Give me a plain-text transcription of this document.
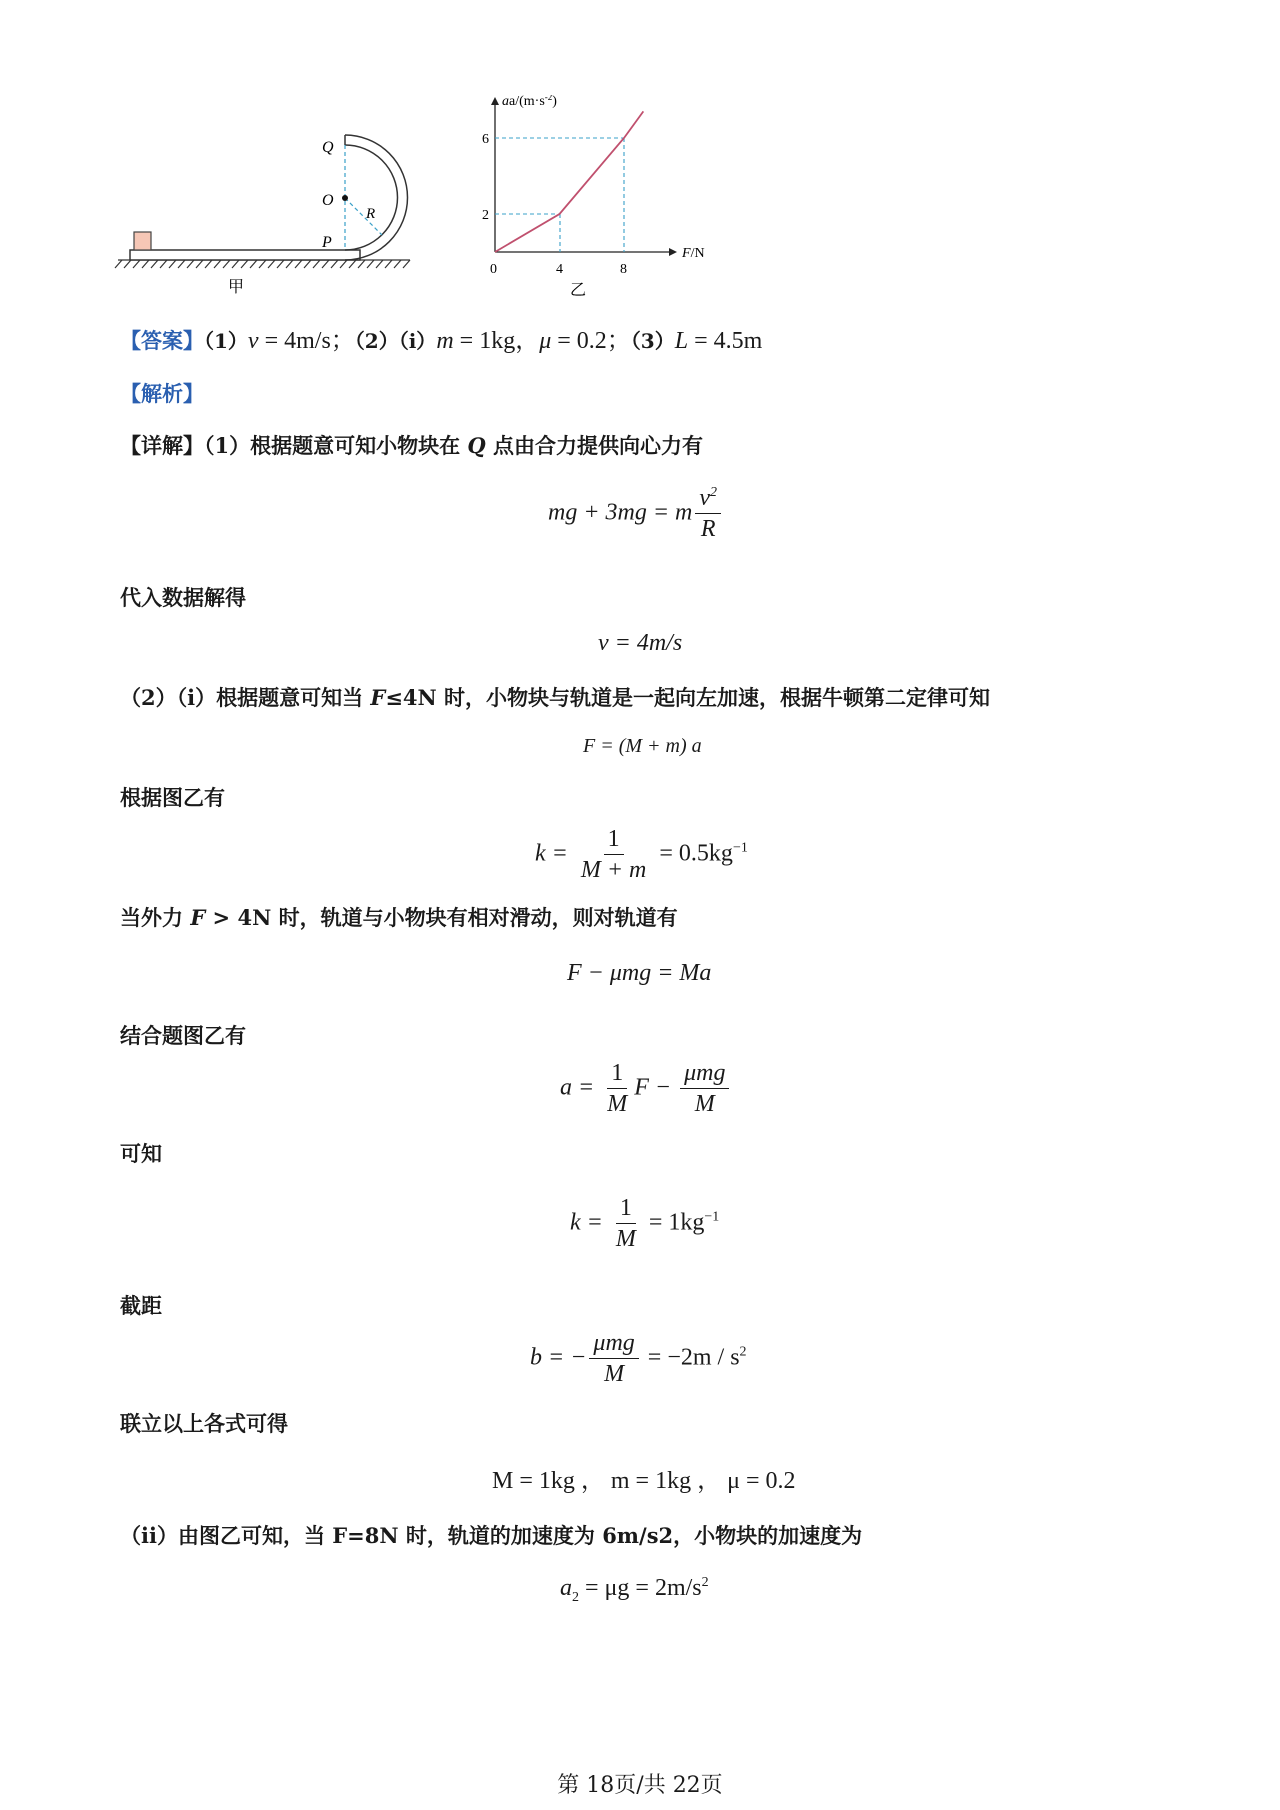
Q
O
R
P
甲
$aa/(m\cdot s^{-2})$
6
2
0	4	8
F/N
乙
【答案】（1）v = 4m/s；（2）（i）m = 1kg，μ = 0.2；（3）L = 4.5m
【解析】
【详解】（1）根据题意可知小物块在 Q 点由合力提供向心力有
mg + 3mg = m $\frac{v^2}{R}$
代入数据解得
v = 4m/s
（2）（i）根据题意可知当 F≤4N 时，小物块与轨道是一起向左加速，根据牛顿第二定律可知
F = (M + m) a
根据图乙有
$k = \frac{1}{M + m} = 0.5kg^{-1}$
当外力 F > 4N 时，轨道与小物块有相对滑动，则对轨道有
F − μmg = Ma
结合题图乙有
$a = \frac{1}{M}$ $F - \frac{\text{μmg}}{M}$
可知
$k = \frac{1}{M} = 1kg^{-1}$
截距
b = − $\frac{\text{μmg}}{M} = -2m / s^2$
联立以上各式可得
M = 1kg ， m = 1kg ， μ = 0.2
（ii）由图乙可知，当 F=8N 时，轨道的加速度为 6m/s2，小物块的加速度为
$a_2 = \mu g = 2m/s^2$
第 18页/共 22页
